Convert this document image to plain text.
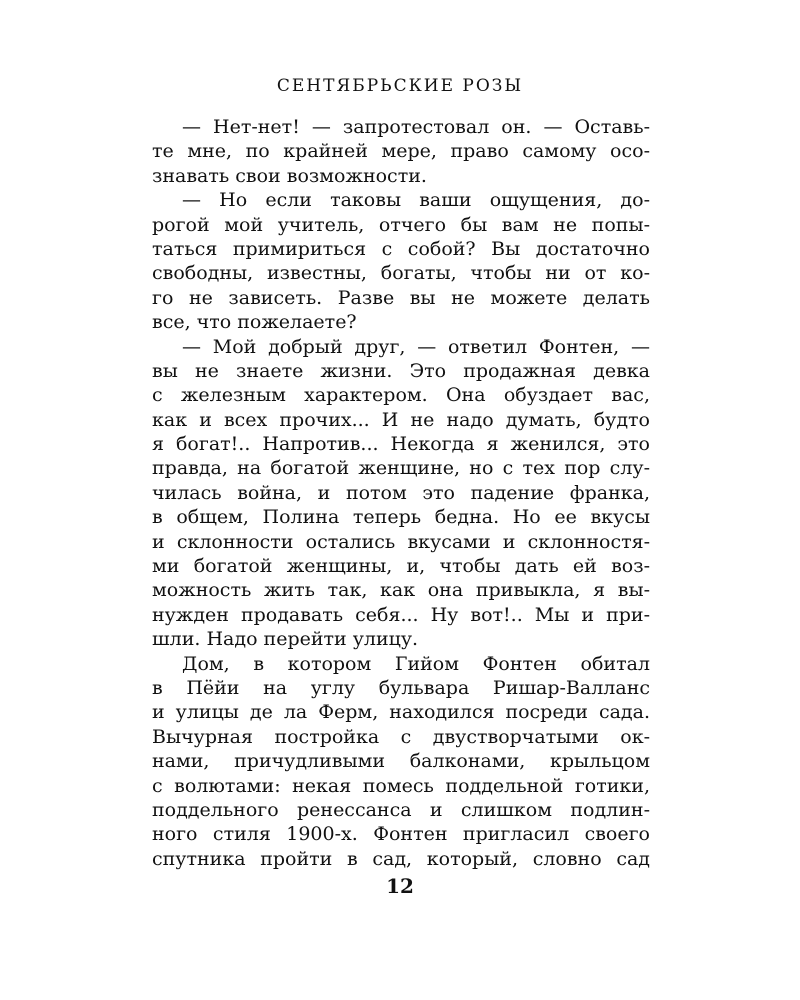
СЕНТЯБРЬСКИЕ РОЗЫ
— Нет-нет! — запротестовал он. — Оставь-
те мне, по крайней мере, право самому осо-
знавать свои возможности.
— Но если таковы ваши ощущения, до-
рогой мой учитель, отчего бы вам не попы-
таться примириться с собой? Вы достаточно
свободны, известны, богаты, чтобы ни от ко-
го не зависеть. Разве вы не можете делать
все, что пожелаете?
— Мой добрый друг, — ответил Фонтен, —
вы не знаете жизни. Это продажная девка
с железным характером. Она обуздает вас,
как и всех прочих... И не надо думать, будто
я богат!.. Напротив... Некогда я женился, это
правда, на богатой женщине, но с тех пор слу-
чилась война, и потом это падение франка,
в общем, Полина теперь бедна. Но ее вкусы
и склонности остались вкусами и склонностя-
ми богатой женщины, и, чтобы дать ей воз-
можность жить так, как она привыкла, я вы-
нужден продавать себя... Ну вот!.. Мы и при-
шли. Надо перейти улицу.
Дом, в котором Гийом Фонтен обитал
в Пёйи на углу бульвара Ришар-Валланс
и улицы де ла Ферм, находился посреди сада.
Вычурная постройка с двустворчатыми ок-
нами, причудливыми балконами, крыльцом
с волютами: некая помесь поддельной готики,
поддельного ренессанса и слишком подлин-
ного стиля 1900-х. Фонтен пригласил своего
спутника пройти в сад, который, словно сад
12
